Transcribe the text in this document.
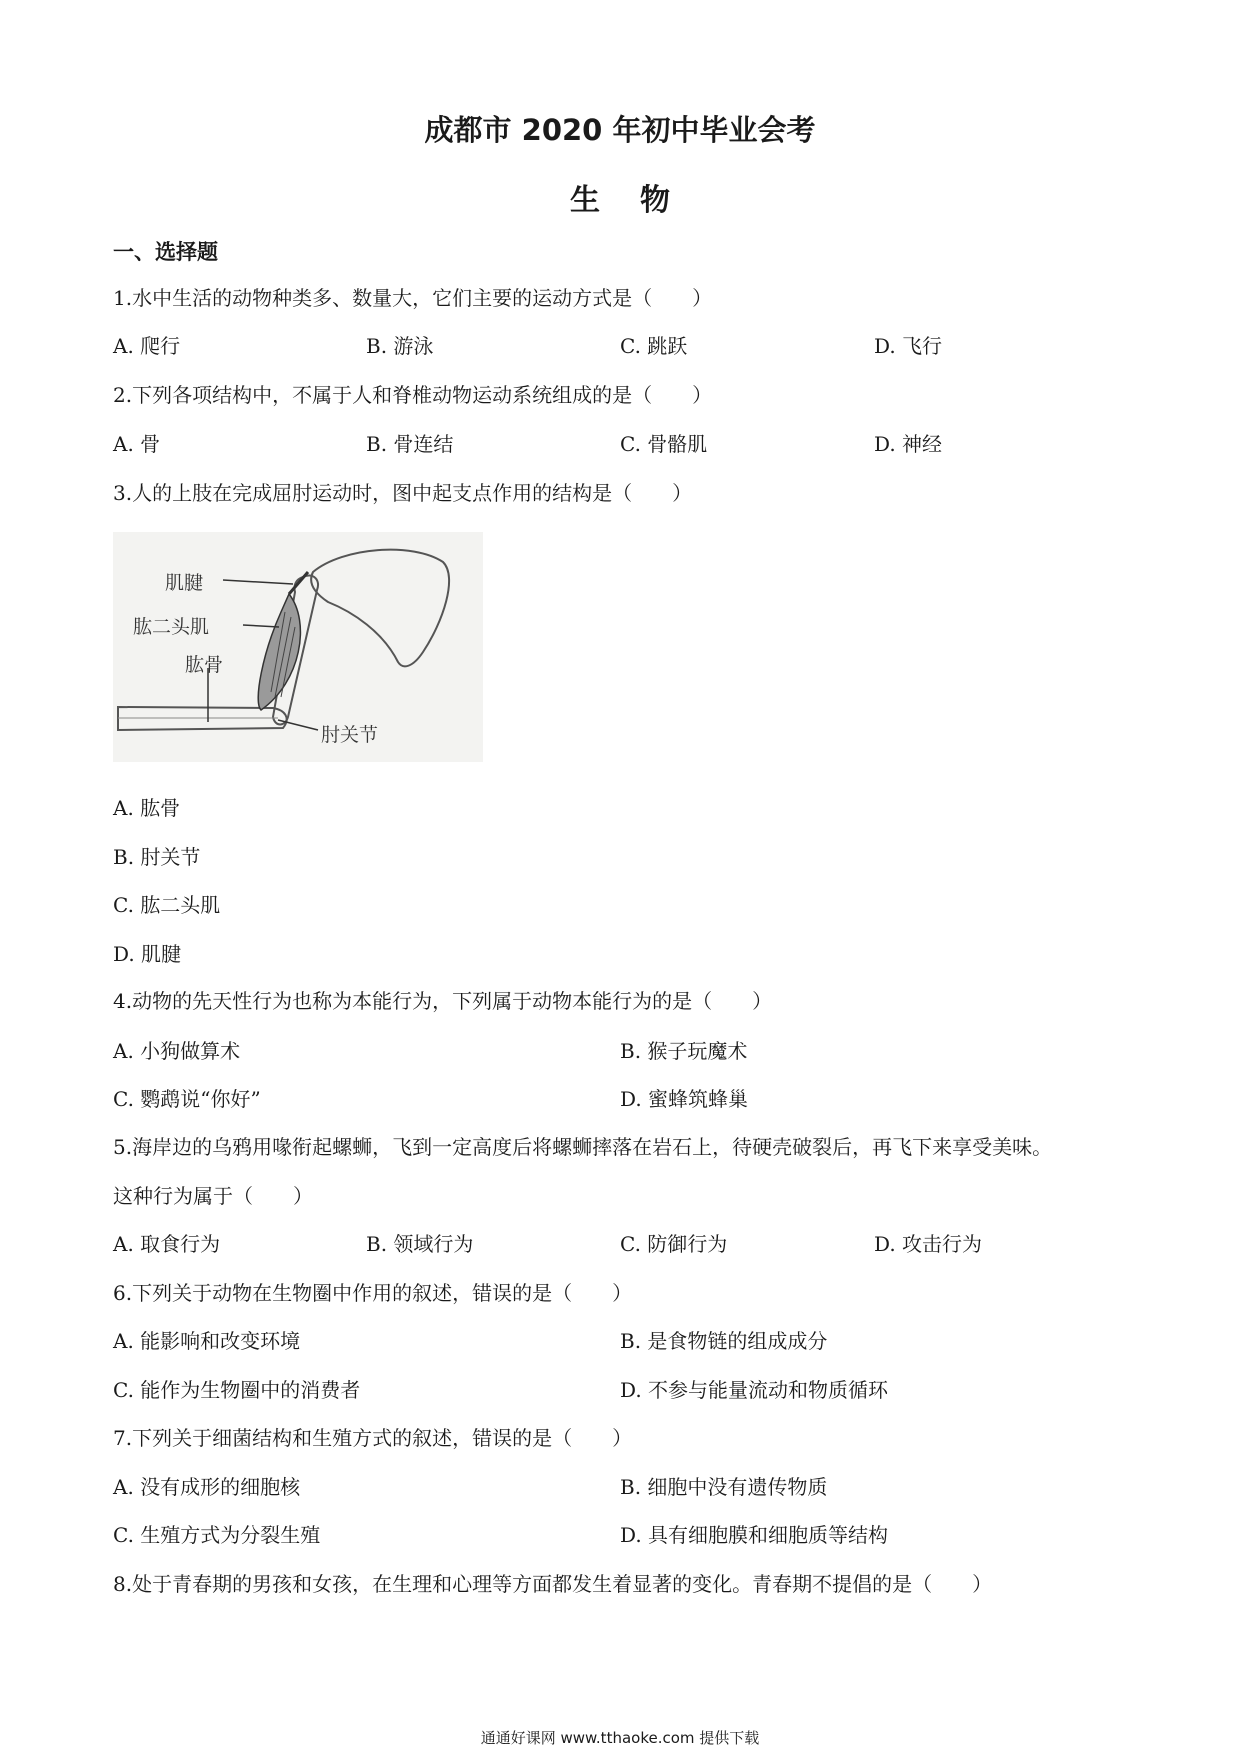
成都市 2020 年初中毕业会考
生物
一、选择题
1.水中生活的动物种类多、数量大，它们主要的运动方式是（　　）
A. 爬行	B. 游泳	C. 跳跃	D. 飞行
2.下列各项结构中，不属于人和脊椎动物运动系统组成的是（　　）
A. 骨	B. 骨连结	C. 骨骼肌	D. 神经
3.人的上肢在完成屈肘运动时，图中起支点作用的结构是（　　）
肌腱
肱二头肌
肱骨
肘关节
A. 肱骨
B. 肘关节
C. 肱二头肌
D. 肌腱
4.动物的先天性行为也称为本能行为，下列属于动物本能行为的是（　　）
A. 小狗做算术	B. 猴子玩魔术
C. 鹦鹉说“你好”	D. 蜜蜂筑蜂巢
5.海岸边的乌鸦用喙衔起螺蛳，飞到一定高度后将螺蛳摔落在岩石上，待硬壳破裂后，再飞下来享受美味。
这种行为属于（　　）
A. 取食行为	B. 领域行为	C. 防御行为	D. 攻击行为
6.下列关于动物在生物圈中作用的叙述，错误的是（　　）
A. 能影响和改变环境	B. 是食物链的组成成分
C. 能作为生物圈中的消费者	D. 不参与能量流动和物质循环
7.下列关于细菌结构和生殖方式的叙述，错误的是（　　）
A. 没有成形的细胞核	B. 细胞中没有遗传物质
C. 生殖方式为分裂生殖	D. 具有细胞膜和细胞质等结构
8.处于青春期的男孩和女孩，在生理和心理等方面都发生着显著的变化。青春期不提倡的是（　　）
通通好课网 www.tthaoke.com 提供下载
